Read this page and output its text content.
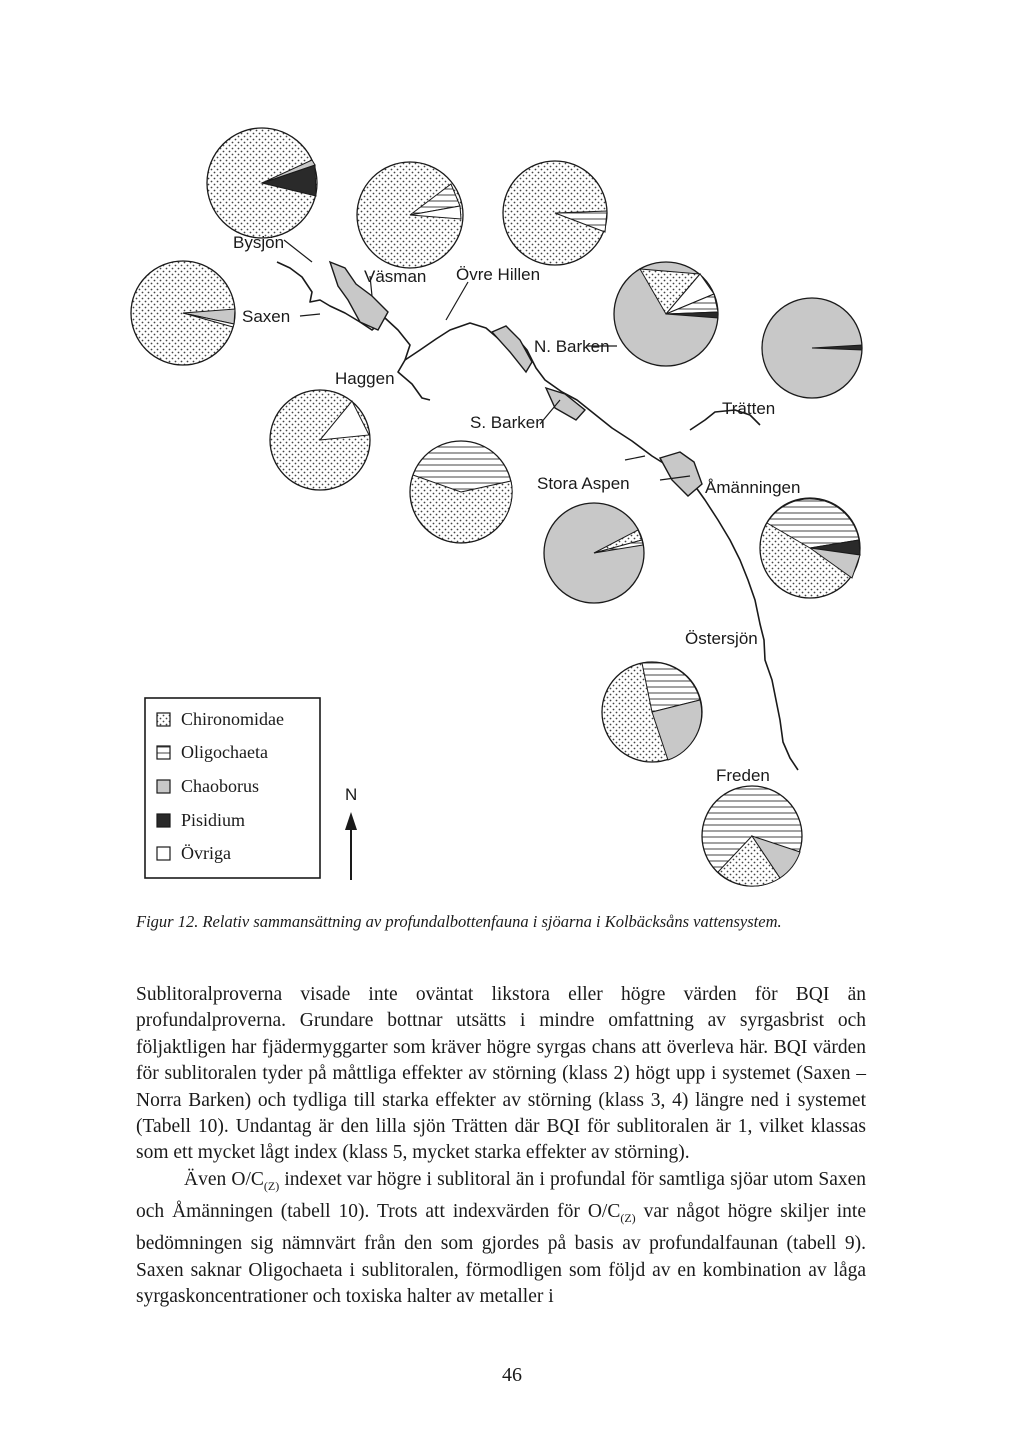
Bysjön
Saxen
Väsman Övre Hillen
Haggen
N. Barken
S. Barken
Trätten
Stora Aspen	Åmänningen
Östersjön
Freden
Chironomidae
Oligochaeta
Chaoborus
Pisidium
Övriga
N

Figur 12. Relativ sammansättning av profundalbottenfauna i sjöarna i Kolbäcksåns vattensystem.

Sublitoralproverna visade inte oväntat likstora eller högre värden för BQI än profundalproverna. Grundare bottnar utsätts i mindre omfattning av syrgasbrist och följaktligen har fjädermyggarter som kräver högre syrgas chans att överleva här. BQI värden för sublitoralen tyder på måttliga effekter av störning (klass 2) högt upp i systemet (Saxen – Norra Barken) och tydliga till starka effekter av störning (klass 3, 4) längre ned i systemet (Tabell 10). Undantag är den lilla sjön Trätten där BQI för sublitoralen är 1, vilket klassas som ett mycket lågt index (klass 5, mycket starka effekter av störning).

Även $O/C_{(Z)}$ indexet var högre i sublitoral än i profundal för samtliga sjöar utom Saxen och Åmänningen (tabell 10). Trots att indexvärden för $O/C_{(Z)}$ var något högre skiljer inte bedömningen sig nämnvärt från den som gjordes på basis av profundalfaunan (tabell 9). Saxen saknar Oligochaeta i sublitoralen, förmodligen som följd av en kombination av låga syrgaskoncentrationer och toxiska halter av metaller i

46
